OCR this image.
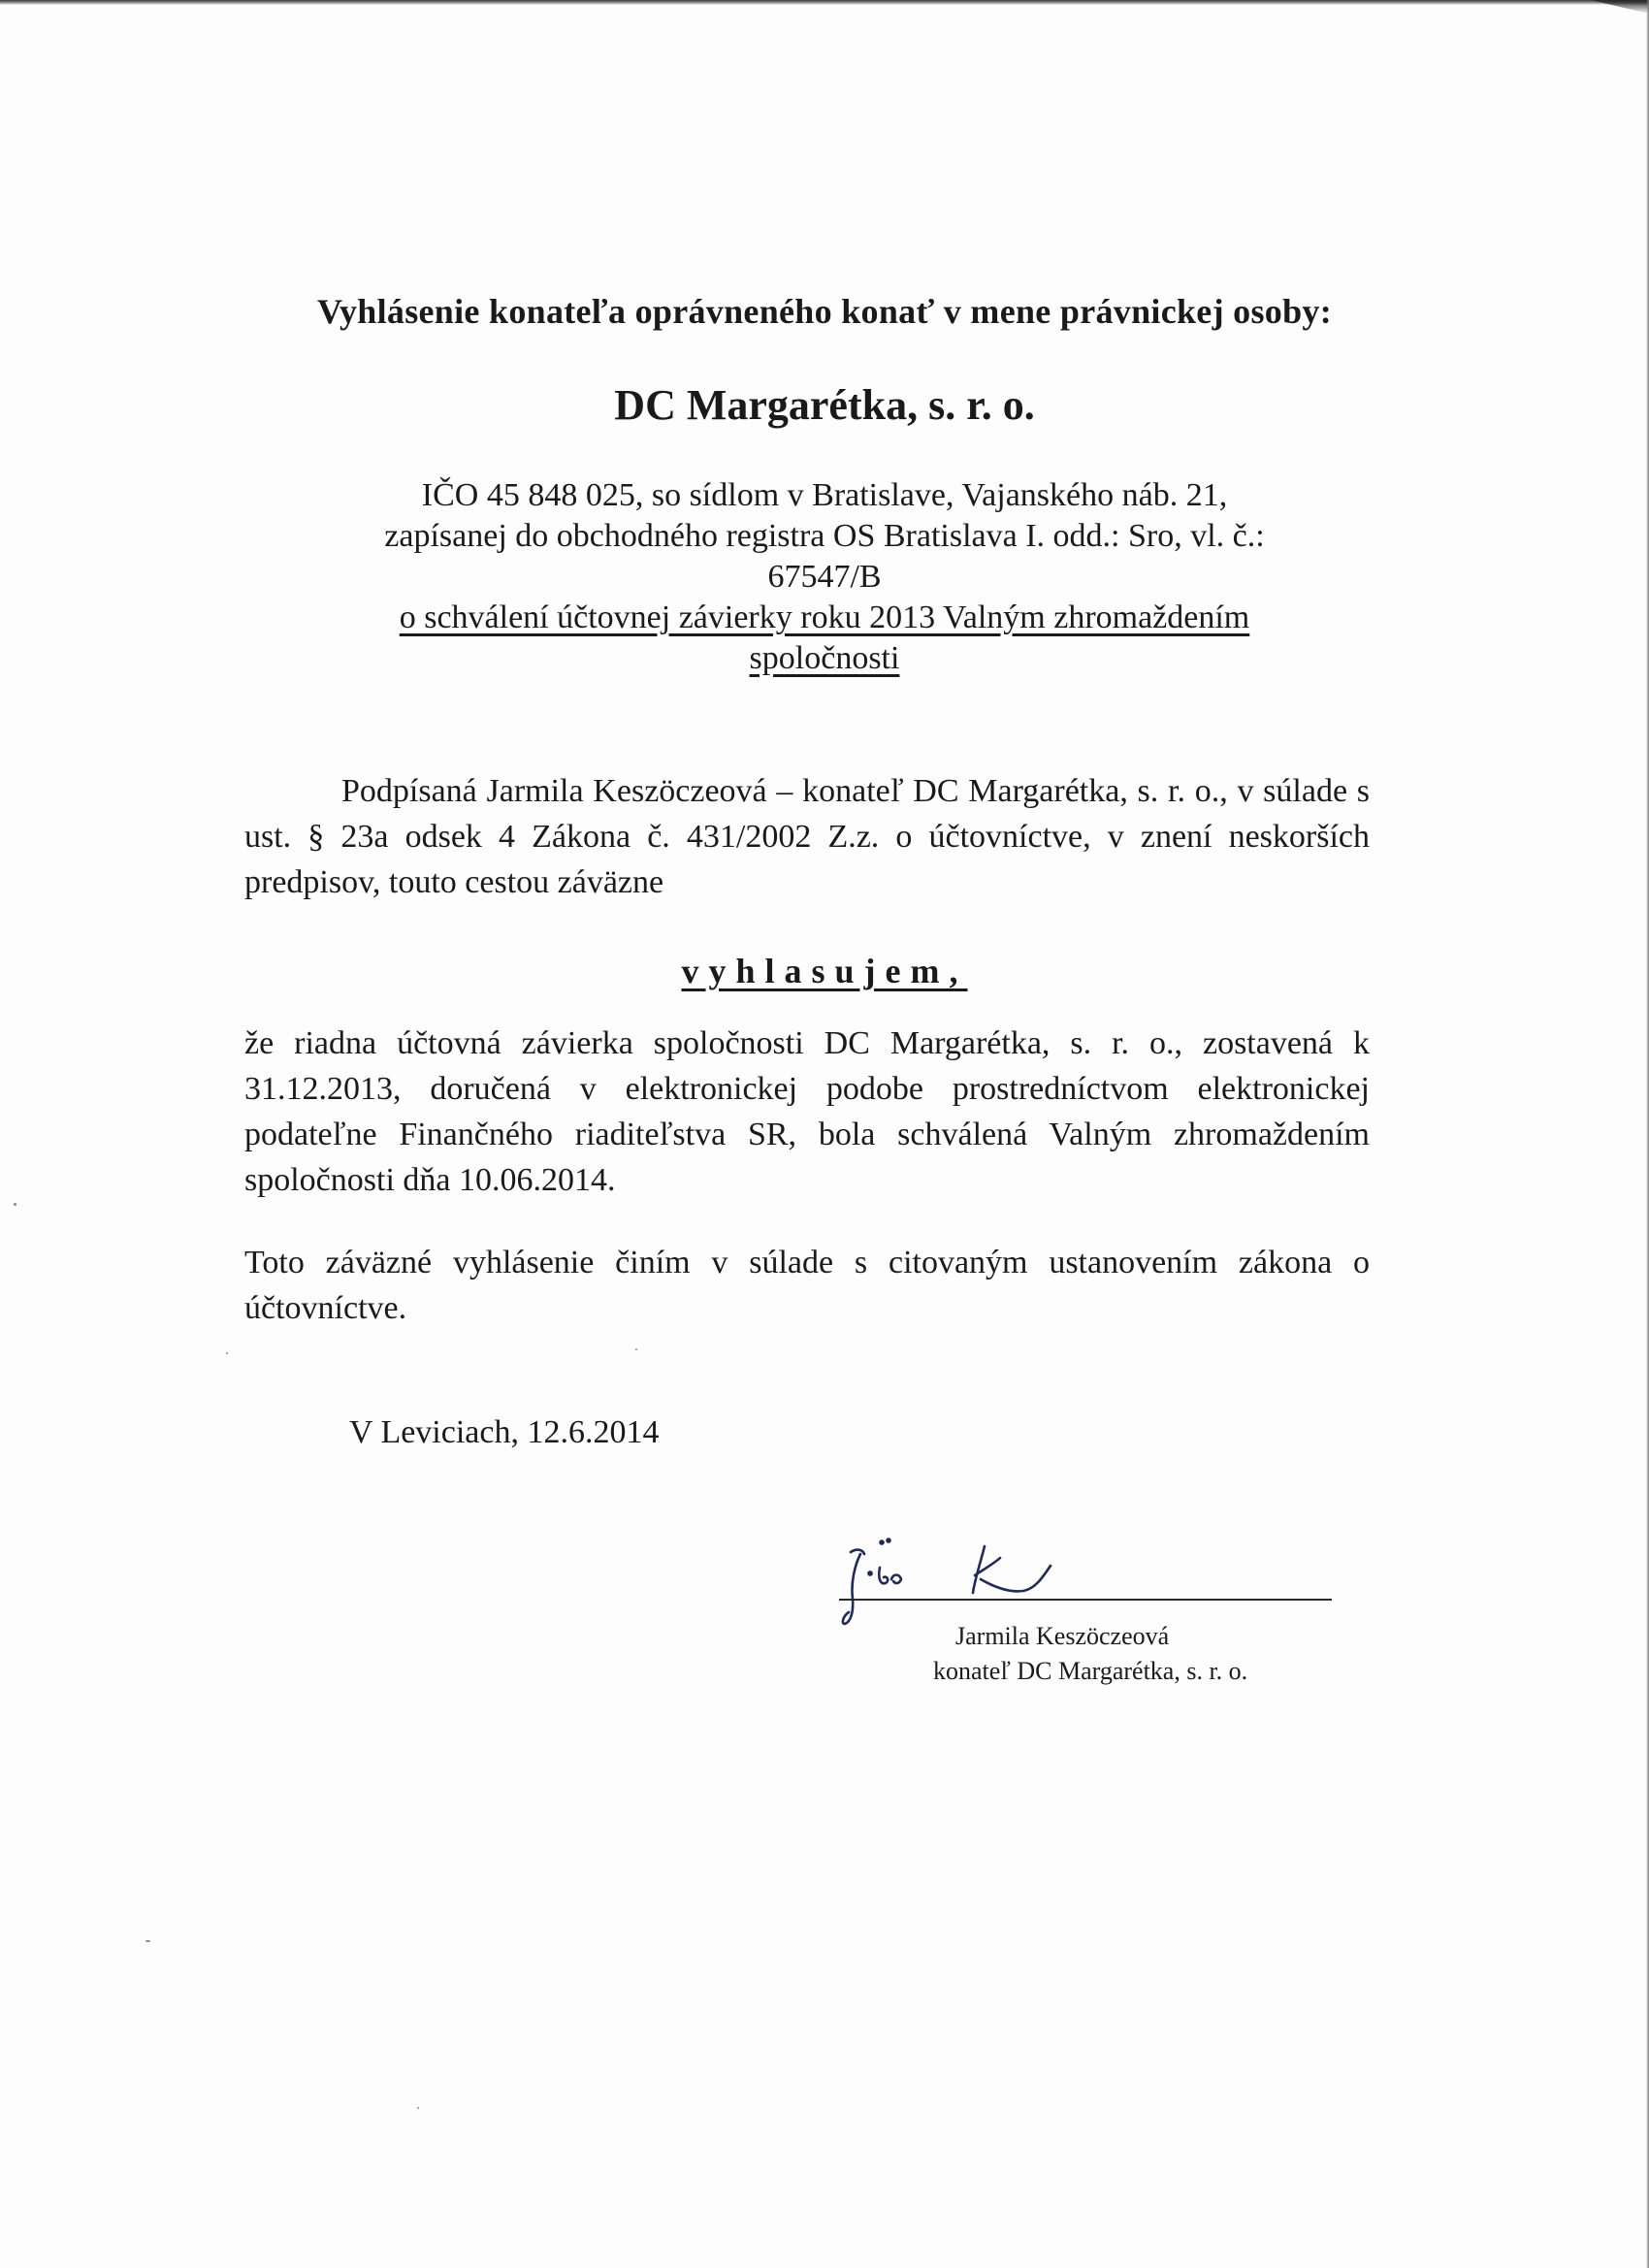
Vyhlásenie konateľa oprávneného konať v mene právnickej osoby:
DC Margarétka, s. r. o.
IČO 45 848 025, so sídlom v Bratislave, Vajanského náb. 21,
zapísanej do obchodného registra OS Bratislava I. odd.: Sro, vl. č.:
67547/B
o schválení účtovnej závierky roku 2013 Valným zhromaždením
spoločnosti
Podpísaná Jarmila Keszöczeová – konateľ DC Margarétka, s. r. o., v súlade s ust. § 23a odsek 4 Zákona č. 431/2002 Z.z. o účtovníctve, v znení neskorších predpisov, touto cestou záväzne
vyhlasujem,
že riadna účtovná závierka spoločnosti DC Margarétka, s. r. o., zostavená k 31.12.2013, doručená v elektronickej podobe prostredníctvom elektronickej podateľne Finančného riaditeľstva SR, bola schválená Valným zhromaždením spoločnosti dňa 10.06.2014.
Toto záväzné vyhlásenie činím v súlade s citovaným ustanovením zákona o účtovníctve.
V Leviciach, 12.6.2014
Jarmila Keszöczeová
konateľ DC Margarétka, s. r. o.
